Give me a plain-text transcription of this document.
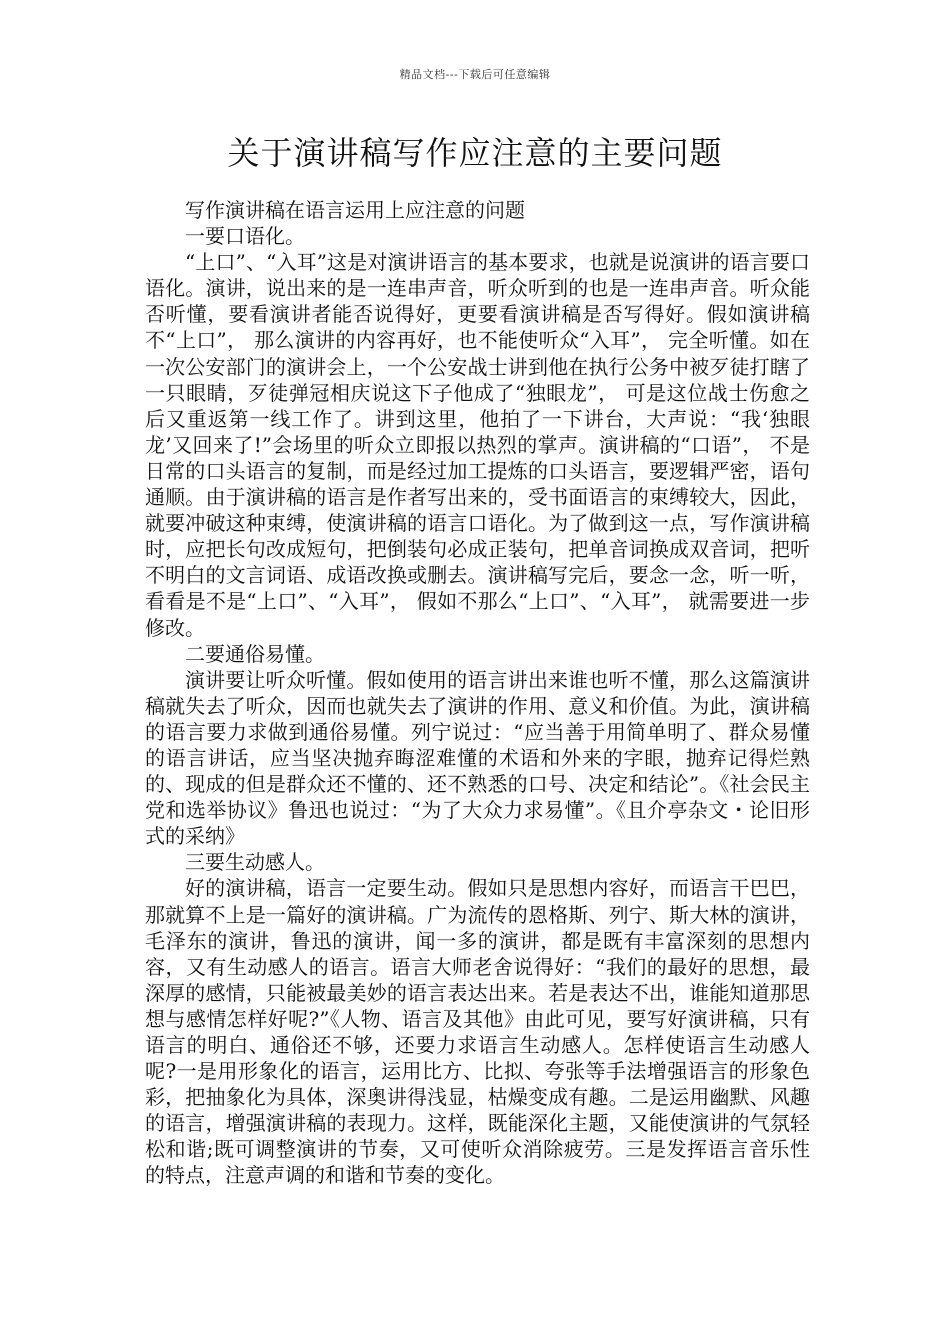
精品文档---下载后可任意编辑
关于演讲稿写作应注意的主要问题

写作演讲稿在语言运用上应注意的问题

一要口语化。

“上口”、“入耳”这是对演讲语言的基本要求，也就是说演讲的语言要口语化。演讲，说出来的是一连串声音，听众听到的也是一连串声音。听众能否听懂，要看演讲者能否说得好，更要看演讲稿是否写得好。假如演讲稿不“上口”， 那么演讲的内容再好，也不能使听众“入耳”， 完全听懂。如在一次公安部门的演讲会上，一个公安战士讲到他在执行公务中被歹徒打瞎了一只眼睛，歹徒弹冠相庆说这下子他成了“独眼龙”， 可是这位战士伤愈之后又重返第一线工作了。讲到这里，他拍了一下讲台，大声说：“我‘独眼龙’又回来了!”会场里的听众立即报以热烈的掌声。演讲稿的“口语”， 不是日常的口头语言的复制，而是经过加工提炼的口头语言，要逻辑严密，语句通顺。由于演讲稿的语言是作者写出来的，受书面语言的束缚较大，因此，就要冲破这种束缚，使演讲稿的语言口语化。为了做到这一点，写作演讲稿时，应把长句改成短句，把倒装句必成正装句，把单音词换成双音词，把听不明白的文言词语、成语改换或删去。演讲稿写完后，要念一念，听一听，看看是不是“上口”、“入耳”， 假如不那么“上口”、“入耳”， 就需要进一步修改。

二要通俗易懂。

演讲要让听众听懂。假如使用的语言讲出来谁也听不懂，那么这篇演讲稿就失去了听众，因而也就失去了演讲的作用、意义和价值。为此，演讲稿的语言要力求做到通俗易懂。列宁说过：“应当善于用简单明了、群众易懂的语言讲话，应当坚决抛弃晦涩难懂的术语和外来的字眼，抛弃记得烂熟的、现成的但是群众还不懂的、还不熟悉的口号、决定和结论”。《社会民主党和选举协议》鲁迅也说过：“为了大众力求易懂”。《且介亭杂文・论旧形式的采纳》

三要生动感人。

好的演讲稿，语言一定要生动。假如只是思想内容好，而语言干巴巴，那就算不上是一篇好的演讲稿。广为流传的恩格斯、列宁、斯大林的演讲，毛泽东的演讲，鲁迅的演讲，闻一多的演讲，都是既有丰富深刻的思想内容，又有生动感人的语言。语言大师老舍说得好：“我们的最好的思想，最深厚的感情，只能被最美妙的语言表达出来。若是表达不出，谁能知道那思想与感情怎样好呢?”《人物、语言及其他》由此可见，要写好演讲稿，只有语言的明白、通俗还不够，还要力求语言生动感人。怎样使语言生动感人呢?一是用形象化的语言，运用比方、比拟、夸张等手法增强语言的形象色彩，把抽象化为具体，深奥讲得浅显，枯燥变成有趣。二是运用幽默、风趣的语言，增强演讲稿的表现力。这样，既能深化主题，又能使演讲的气氛轻松和谐;既可调整演讲的节奏，又可使听众消除疲劳。三是发挥语言音乐性的特点，注意声调的和谐和节奏的变化。
